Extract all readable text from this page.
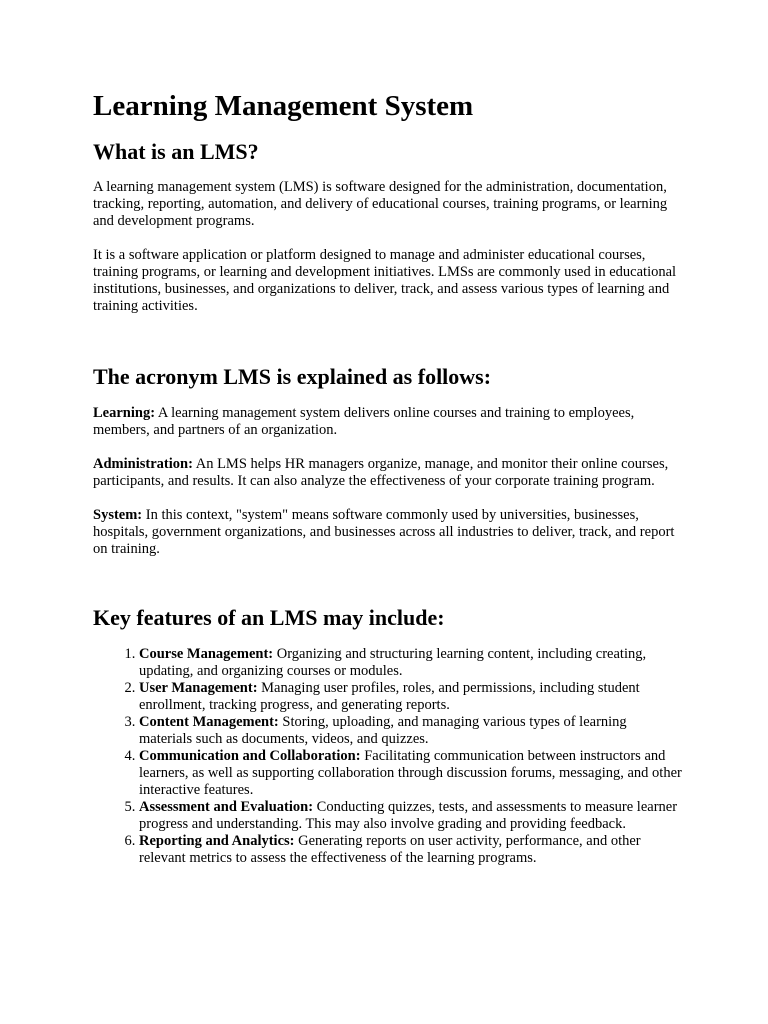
Learning Management System
What is an LMS?

A learning management system (LMS) is software designed for the administration, documentation, tracking, reporting, automation, and delivery of educational courses, training programs, or learning and development programs.

It is a software application or platform designed to manage and administer educational courses, training programs, or learning and development initiatives. LMSs are commonly used in educational institutions, businesses, and organizations to deliver, track, and assess various types of learning and training activities.

The acronym LMS is explained as follows:

Learning: A learning management system delivers online courses and training to employees, members, and partners of an organization.

Administration: An LMS helps HR managers organize, manage, and monitor their online courses, participants, and results. It can also analyze the effectiveness of your corporate training program.

System: In this context, "system" means software commonly used by universities, businesses, hospitals, government organizations, and businesses across all industries to deliver, track, and report on training.

Key features of an LMS may include:
1. Course Management: Organizing and structuring learning content, including creating, updating, and organizing courses or modules.
2. User Management: Managing user profiles, roles, and permissions, including student enrollment, tracking progress, and generating reports.
3. Content Management: Storing, uploading, and managing various types of learning materials such as documents, videos, and quizzes.
4. Communication and Collaboration: Facilitating communication between instructors and learners, as well as supporting collaboration through discussion forums, messaging, and other interactive features.
5. Assessment and Evaluation: Conducting quizzes, tests, and assessments to measure learner progress and understanding. This may also involve grading and providing feedback.
6. Reporting and Analytics: Generating reports on user activity, performance, and other relevant metrics to assess the effectiveness of the learning programs.
